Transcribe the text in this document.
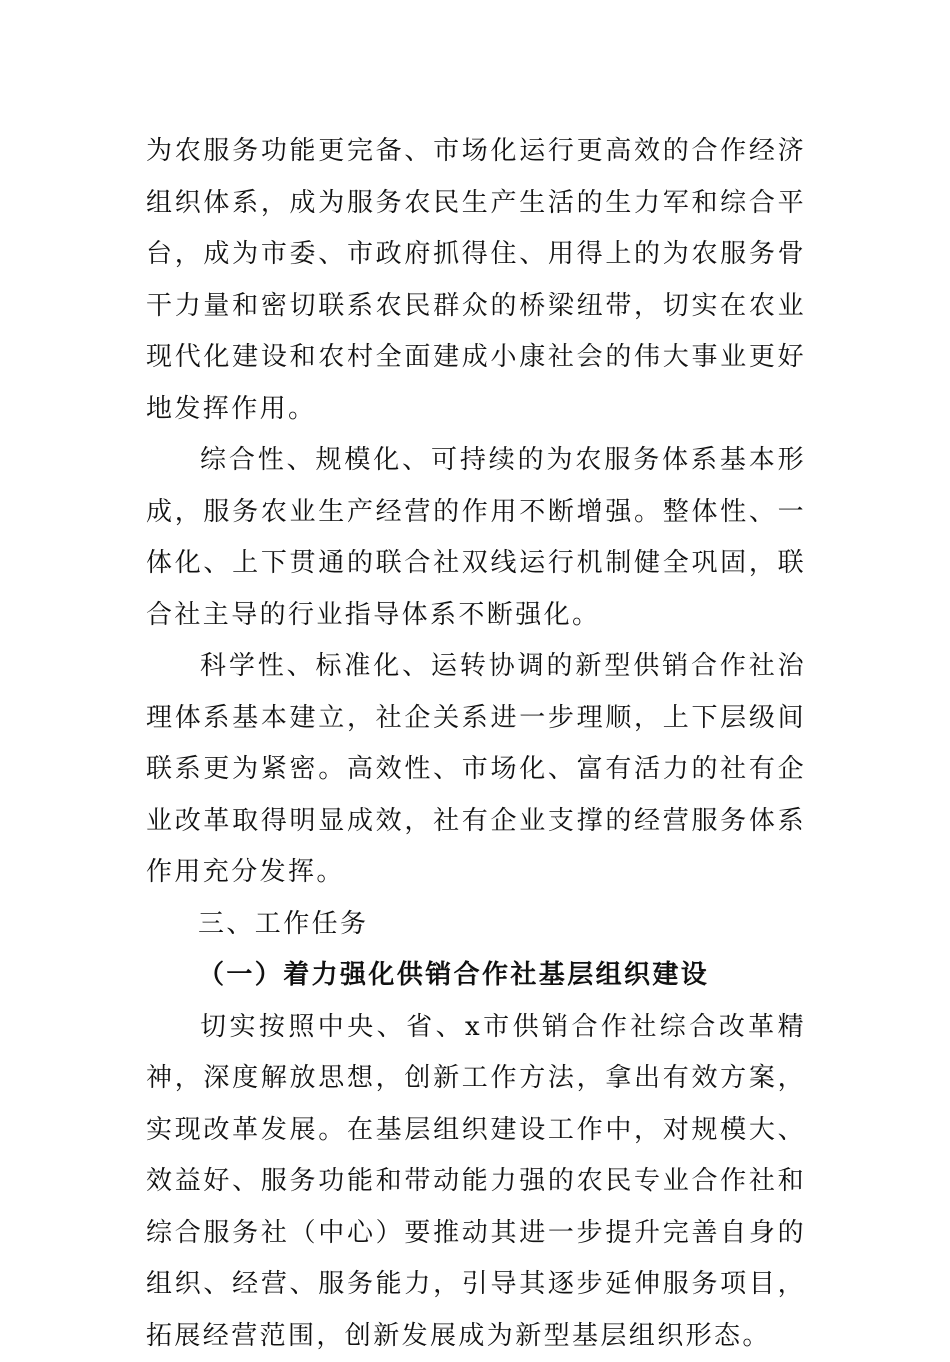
为农服务功能更完备、市场化运行更高效的合作经济组织体系，成为服务农民生产生活的生力军和综合平台，成为市委、市政府抓得住、用得上的为农服务骨干力量和密切联系农民群众的桥梁纽带，切实在农业现代化建设和农村全面建成小康社会的伟大事业更好地发挥作用。

综合性、规模化、可持续的为农服务体系基本形成，服务农业生产经营的作用不断增强。整体性、一体化、上下贯通的联合社双线运行机制健全巩固，联合社主导的行业指导体系不断强化。

科学性、标准化、运转协调的新型供销合作社治理体系基本建立，社企关系进一步理顺，上下层级间联系更为紧密。高效性、市场化、富有活力的社有企业改革取得明显成效，社有企业支撑的经营服务体系作用充分发挥。

三、工作任务

（一）着力强化供销合作社基层组织建设

切实按照中央、省、x市供销合作社综合改革精神，深度解放思想，创新工作方法，拿出有效方案，实现改革发展。在基层组织建设工作中，对规模大、效益好、服务功能和带动能力强的农民专业合作社和综合服务社（中心）要推动其进一步提升完善自身的组织、经营、服务能力，引导其逐步延伸服务项目，拓展经营范围，创新发展成为新型基层组织形态。
